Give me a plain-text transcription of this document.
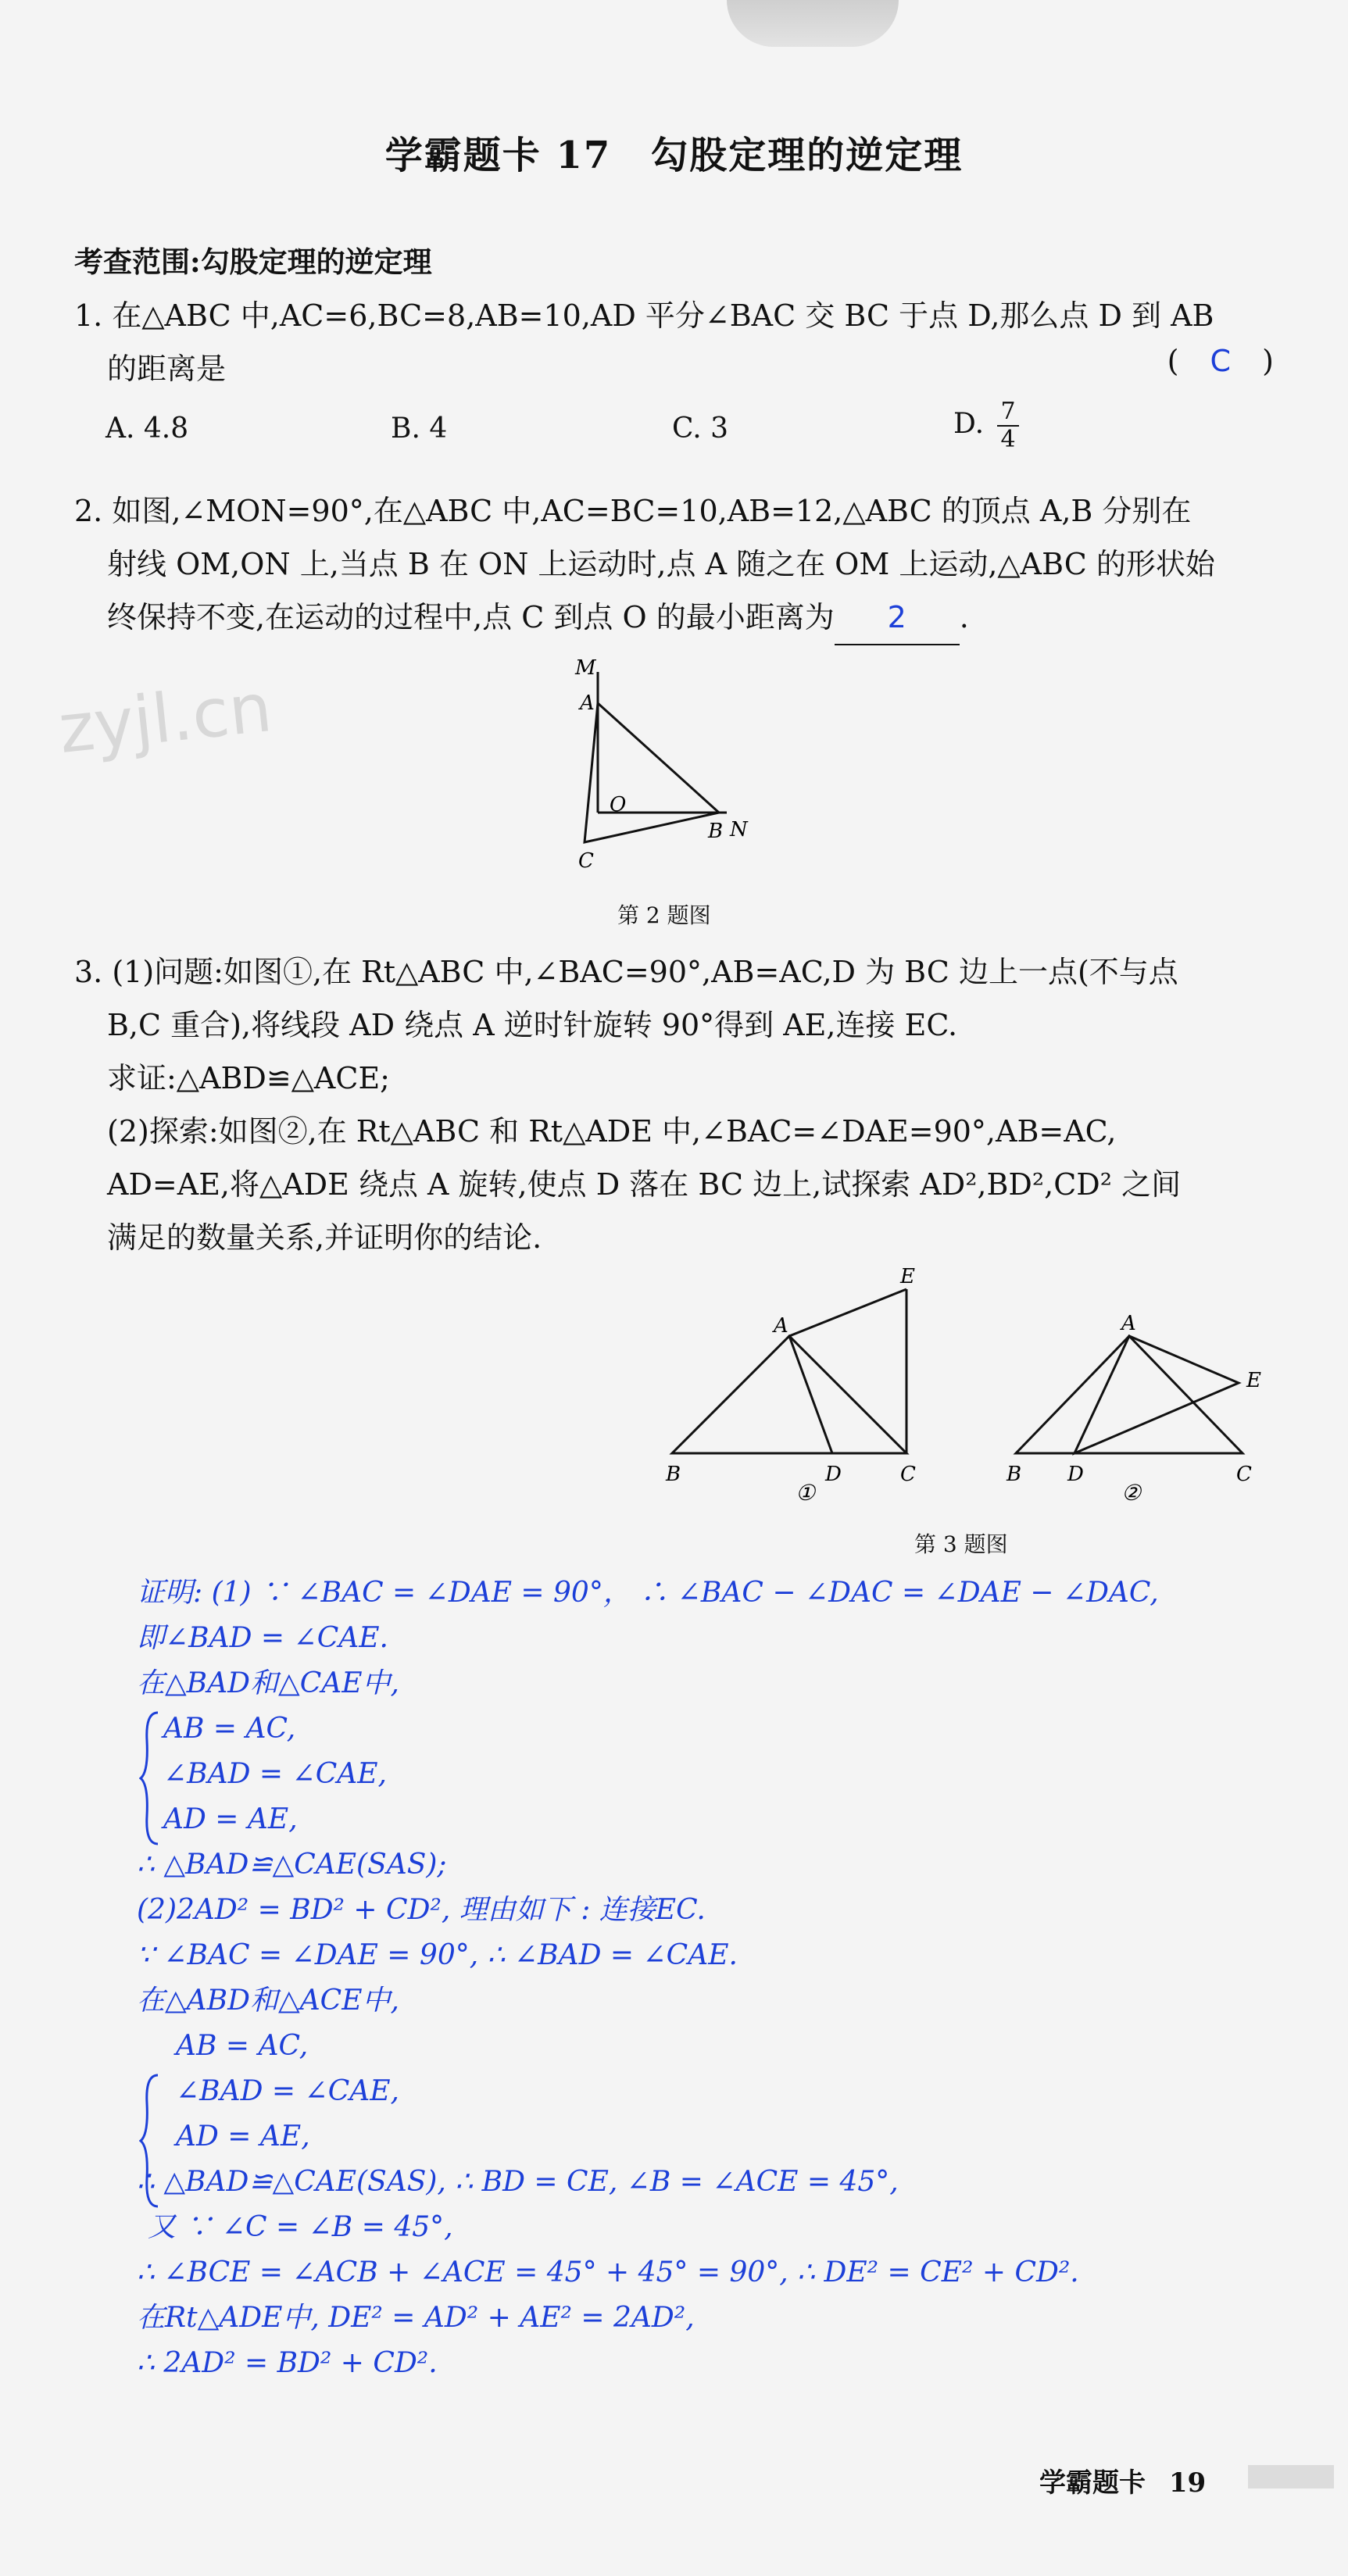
学霸题卡 17　勾股定理的逆定理
考查范围:勾股定理的逆定理
1. 在△ABC 中,AC=6,BC=8,AB=10,AD 平分∠BAC 交 BC 于点 D,那么点 D 到 AB
的距离是	( C )
A. 4.8	B. 4	C. 3	D. $\frac{7}{4}$
2. 如图,∠MON=90°,在△ABC 中,AC=BC=10,AB=12,△ABC 的顶点 A,B 分别在
射线 OM,ON 上,当点 B 在 ON 上运动时,点 A 随之在 OM 上运动,△ABC 的形状始
终保持不变,在运动的过程中,点 C 到点 O 的最小距离为 2 .
zyjl.cn
M
A
O
B N
C
第 2 题图
3. (1)问题:如图①,在 Rt△ABC 中,∠BAC=90°,AB=AC,D 为 BC 边上一点(不与点
B,C 重合),将线段 AD 绕点 A 逆时针旋转 90°得到 AE,连接 EC.
求证:△ABD≌△ACE;
(2)探索:如图②,在 Rt△ABC 和 Rt△ADE 中,∠BAC=∠DAE=90°,AB=AC,
AD=AE,将△ADE 绕点 A 旋转,使点 D 落在 BC 边上,试探索 AD²,BD²,CD² 之间
满足的数量关系,并证明你的结论.
A
E
B	D	C
①
A
E
B D	C
②
第 3 题图
证明: (1) ∵ ∠BAC = ∠DAE = 90°， ∴ ∠BAC − ∠DAC = ∠DAE − ∠DAC,
即∠BAD = ∠CAE.
在△BAD和△CAE中,
AB = AC,
∠BAD = ∠CAE,
AD = AE,
∴ △BAD≌△CAE(SAS);
(2)2AD² = BD² + CD², 理由如下 : 连接EC.
∵ ∠BAC = ∠DAE = 90°, ∴ ∠BAD = ∠CAE.
在△ABD和△ACE中,
AB = AC,
∠BAD = ∠CAE,
AD = AE,
∴ △BAD≌△CAE(SAS), ∴ BD = CE, ∠B = ∠ACE = 45°,
又 ∵ ∠C = ∠B = 45°,
∴ ∠BCE = ∠ACB + ∠ACE = 45° + 45° = 90°, ∴ DE² = CE² + CD².
在Rt△ADE中, DE² = AD² + AE² = 2AD²,
∴ 2AD² = BD² + CD².
学霸题卡 19
